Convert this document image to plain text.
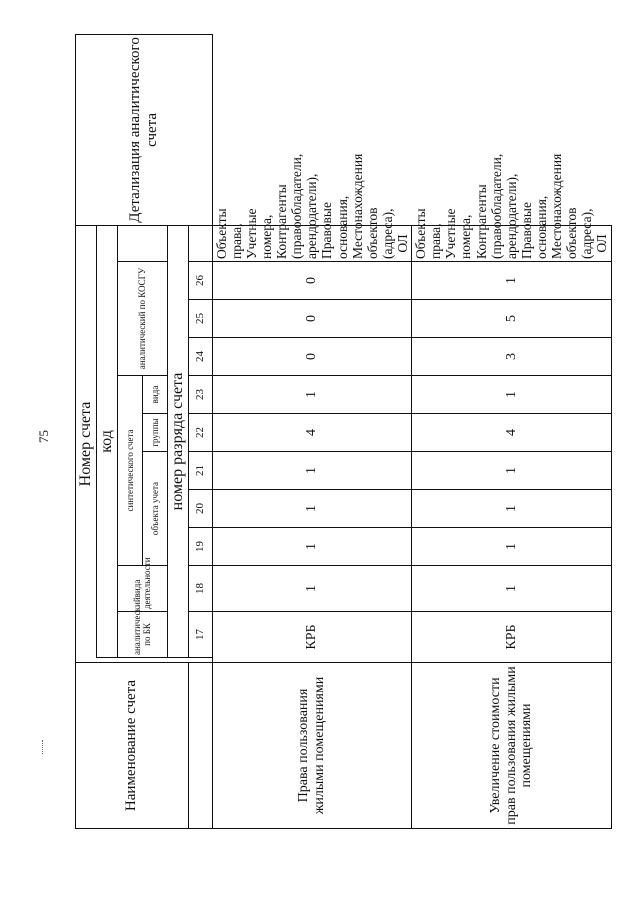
75
Наименование счета	Номер счета												Детализация аналитического счета
		код											
		аналитический по БК	вида деятельности	синтетического счета					аналитический по КОСГУ				
				объекта учета			группы	вида					
		номер разряда счета											
		17	18	19	20	21	22	23	24	25	26		
Права пользования жилыми помещениями	КРБ		1	1	1	1	4	1	0	0	0	Объекты права, Учетные номера, Контрагенты (правообладатели, арендодатели), Правовые основания, Местонахождения объектов (адреса), ОЛ	
Увеличение стоимости прав пользования жилыми помещениями	КРБ		1	1	1	1	4	1	3	5	1	Объекты права, Учетные номера, Контрагенты (правообладатели, арендодатели), Правовые основания, Местонахождения объектов (адреса), ОЛ	
